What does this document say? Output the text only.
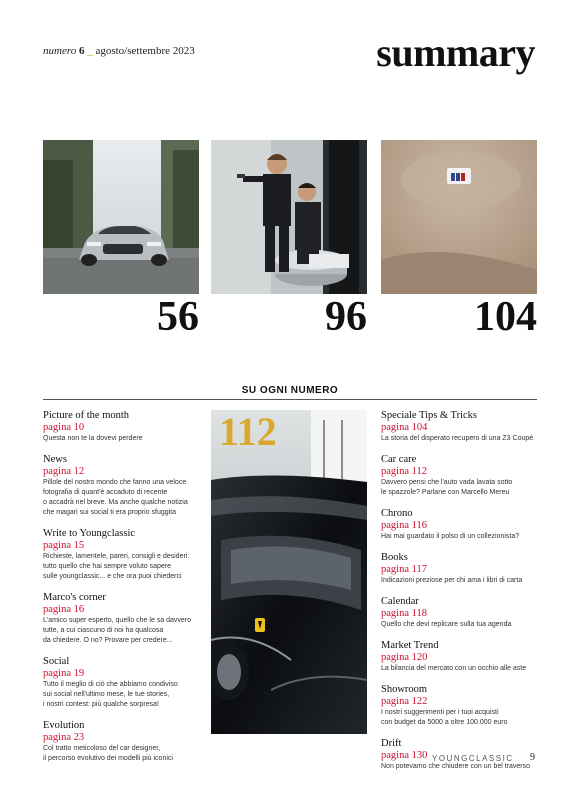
numero 6 _ agosto/settembre 2023	summary
56	96	104
SU OGNI NUMERO
Picture of the month
pagina 10
Questa non te la dovevi perdere
News
pagina 12
Pillole del nostro mondo che fanno una veloce
fotografia di quant'è accaduto di recente
o accadrà nel breve. Ma anche qualche notizia
che magari sui social ti era proprio sfuggita
Write to Youngclassic
pagina 15
Richieste, lamentele, pareri, consigli e desideri:
tutto quello che hai sempre voluto sapere
sulle youngclassic... e che ora puoi chiederci
Marco's corner
pagina 16
L'amico super esperto, quello che le sa davvero
tutte, a cui ciascuno di noi ha qualcosa
da chiedere. O no? Provare per credere...
Social
pagina 19
Tutto il meglio di ciò che abbiamo condiviso
sui social nell'ultimo mese, le tue stories,
i nostri contest: più qualche sorpresa!
Evolution
pagina 23
Col tratto meticoloso del car designer,
il percorso evolutivo dei modelli più iconici
112	Speciale Tips & Tricks
pagina 104
La storia del disperato recupero di una Z3 Coupé
Car care
pagina 112
Davvero pensi che l'auto vada lavata sotto
le spazzole? Parlane con Marcello Mereu
Chrono
pagina 116
Hai mai guardato il polso di un collezionista?
Books
pagina 117
Indicazioni preziose per chi ama i libri di carta
Calendar
pagina 118
Quello che devi replicare sulla tua agenda
Market Trend
pagina 120
La bilancia del mercato con un occhio alle aste
Showroom
pagina 122
I nostri suggerimenti per i tuoi acquisti
con budget da 5000 a oltre 100.000 euro
Drift
pagina 130
Non potevamo che chiudere con un bel traverso
YOUNGCLASSIC 9
